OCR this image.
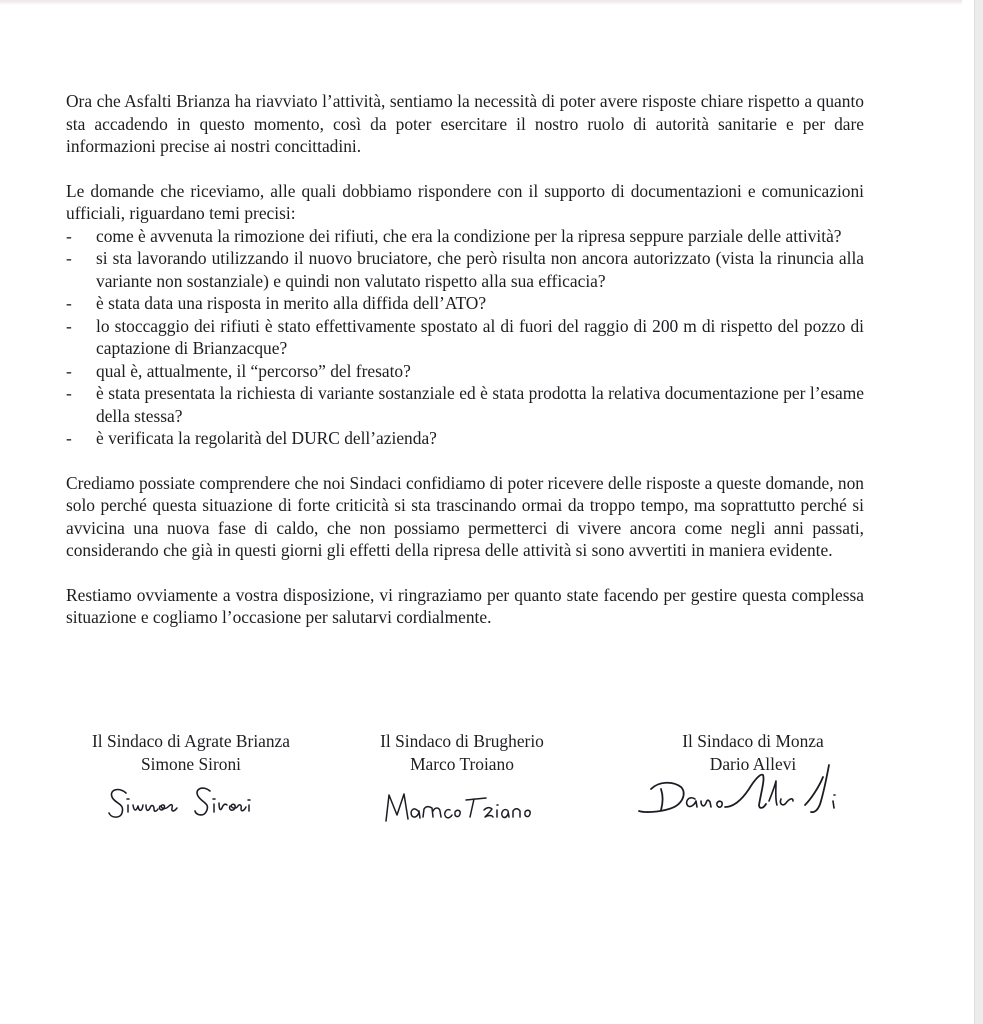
Ora che Asfalti Brianza ha riavviato l’attività, sentiamo la necessità di poter avere risposte chiare rispetto a quanto sta accadendo in questo momento, così da poter esercitare il nostro ruolo di autorità sanitarie e per dare informazioni precise ai nostri concittadini.

Le domande che riceviamo, alle quali dobbiamo rispondere con il supporto di documentazioni e comunicazioni ufficiali, riguardano temi precisi:

-	come è avvenuta la rimozione dei rifiuti, che era la condizione per la ripresa seppure parziale delle attività?
-	si sta lavorando utilizzando il nuovo bruciatore, che però risulta non ancora autorizzato (vista la rinuncia alla variante non sostanziale) e quindi non valutato rispetto alla sua efficacia?
-	è stata data una risposta in merito alla diffida dell’ATO?
-	lo stoccaggio dei rifiuti è stato effettivamente spostato al di fuori del raggio di 200 m di rispetto del pozzo di captazione di Brianzacque?
-	qual è, attualmente, il “percorso” del fresato?
-	è stata presentata la richiesta di variante sostanziale ed è stata prodotta la relativa documentazione per l’esame della stessa?
-	è verificata la regolarità del DURC dell’azienda?

Crediamo possiate comprendere che noi Sindaci confidiamo di poter ricevere delle risposte a queste domande, non solo perché questa situazione di forte criticità si sta trascinando ormai da troppo tempo, ma soprattutto perché si avvicina una nuova fase di caldo, che non possiamo permetterci di vivere ancora come negli anni passati, considerando che già in questi giorni gli effetti della ripresa delle attività si sono avvertiti in maniera evidente.

Restiamo ovviamente a vostra disposizione, vi ringraziamo per quanto state facendo per gestire questa complessa situazione e cogliamo l’occasione per salutarvi cordialmente.

Il Sindaco di Agrate Brianza
Simone Sironi
Il Sindaco di Brugherio
Marco Troiano
Il Sindaco di Monza
Dario Allevi
